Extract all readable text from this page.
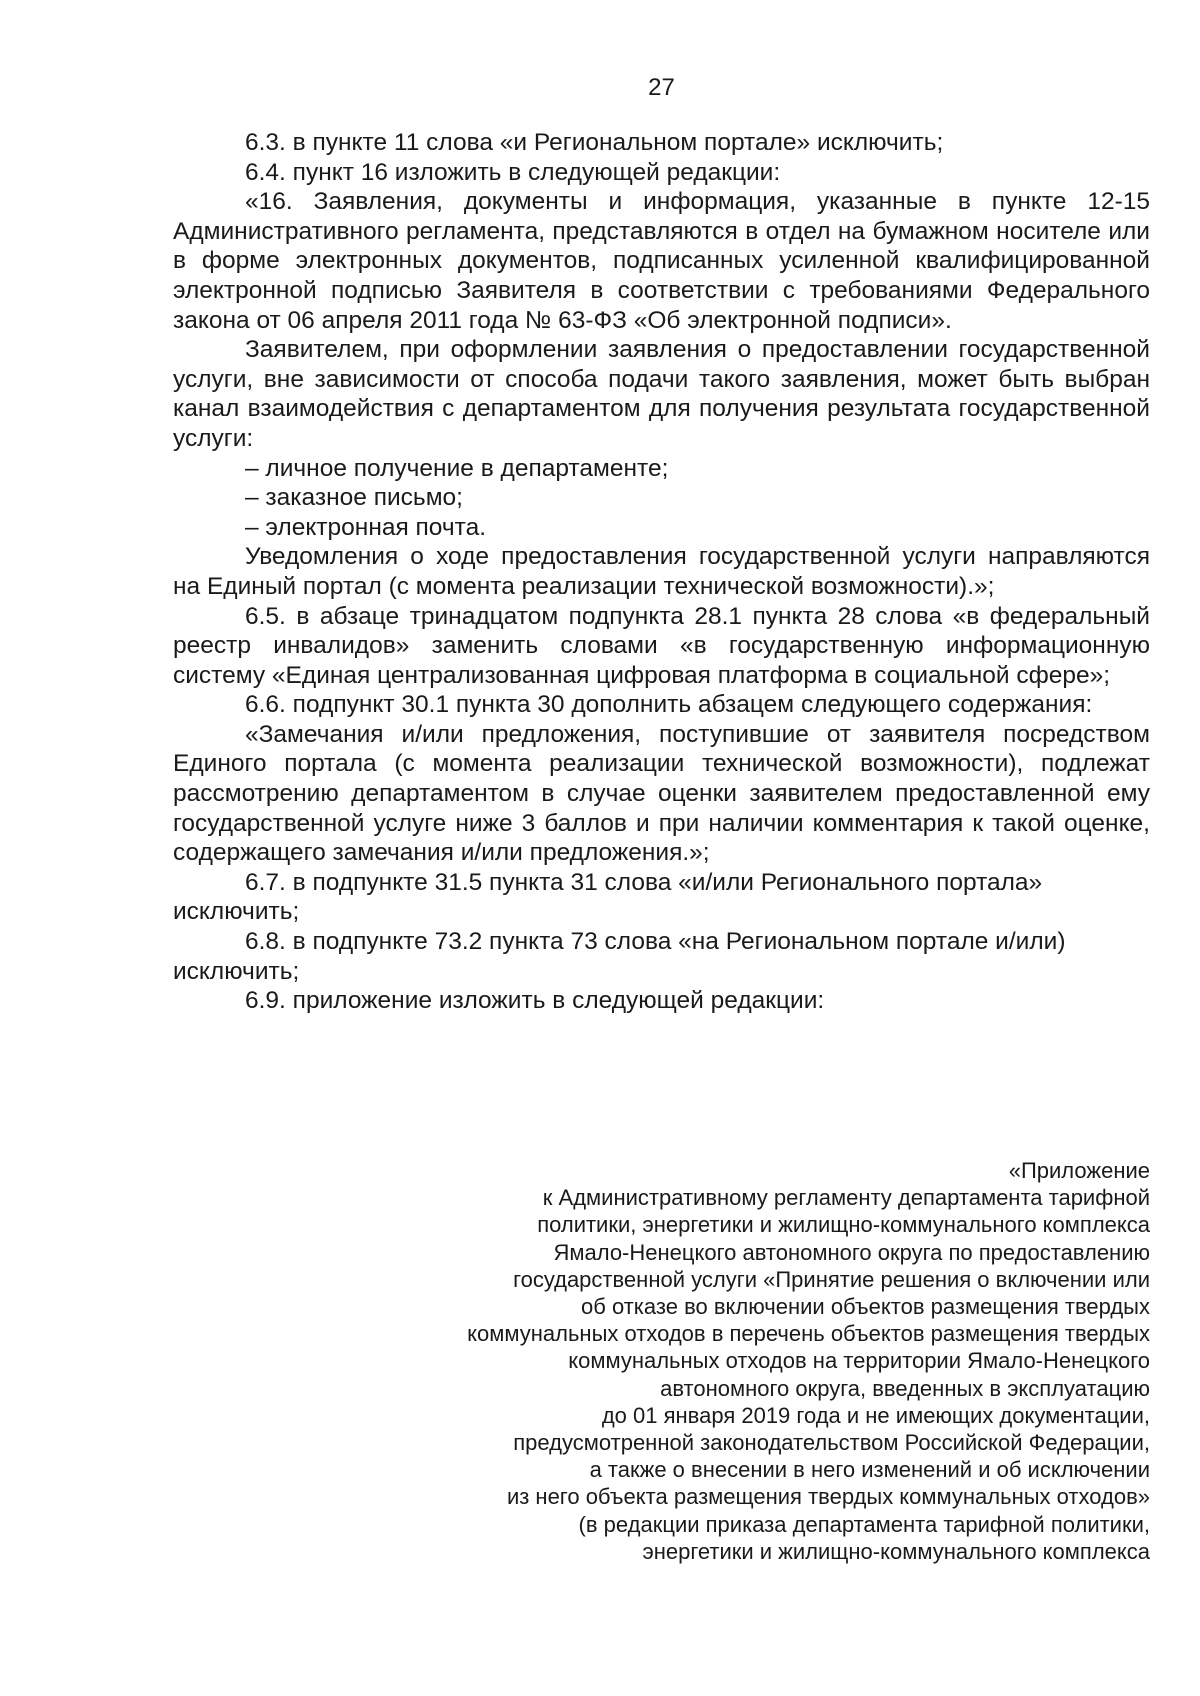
27

6.3. в пункте 11 слова «и Региональном портале» исключить;

6.4. пункт 16 изложить в следующей редакции:

«16. Заявления, документы и информация, указанные в пункте 12-15 Административного регламента, представляются в отдел на бумажном носителе или в форме электронных документов, подписанных усиленной квалифицированной электронной подписью Заявителя в соответствии с требованиями Федерального закона от 06 апреля 2011 года № 63-ФЗ «Об электронной подписи».

Заявителем, при оформлении заявления о предоставлении государственной услуги, вне зависимости от способа подачи такого заявления, может быть выбран канал взаимодействия с департаментом для получения результата государственной услуги:

– личное получение в департаменте;

– заказное письмо;

– электронная почта.

Уведомления о ходе предоставления государственной услуги направляются на Единый портал (с момента реализации технической возможности).»;

6.5. в абзаце тринадцатом подпункта 28.1 пункта 28 слова «в федеральный реестр инвалидов» заменить словами «в государственную информационную систему «Единая централизованная цифровая платформа в социальной сфере»;

6.6. подпункт 30.1 пункта 30 дополнить абзацем следующего содержания:

«Замечания и/или предложения, поступившие от заявителя посредством Единого портала (с момента реализации технической возможности), подлежат рассмотрению департаментом в случае оценки заявителем предоставленной ему государственной услуге ниже 3 баллов и при наличии комментария к такой оценке, содержащего замечания и/или предложения.»;

6.7. в подпункте 31.5 пункта 31 слова «и/или Регионального портала» исключить;

6.8. в подпункте 73.2 пункта 73 слова «на Региональном портале и/или) исключить;

6.9. приложение изложить в следующей редакции:

«Приложение
к Административному регламенту департамента тарифной
политики, энергетики и жилищно-коммунального комплекса
Ямало-Ненецкого автономного округа по предоставлению
государственной услуги «Принятие решения о включении или
об отказе во включении объектов размещения твердых
коммунальных отходов в перечень объектов размещения твердых
коммунальных отходов на территории Ямало-Ненецкого
автономного округа, введенных в эксплуатацию
до 01 января 2019 года и не имеющих документации,
предусмотренной законодательством Российской Федерации,
а также о внесении в него изменений и об исключении
из него объекта размещения твердых коммунальных отходов»
(в редакции приказа департамента тарифной политики,
энергетики и жилищно-коммунального комплекса
